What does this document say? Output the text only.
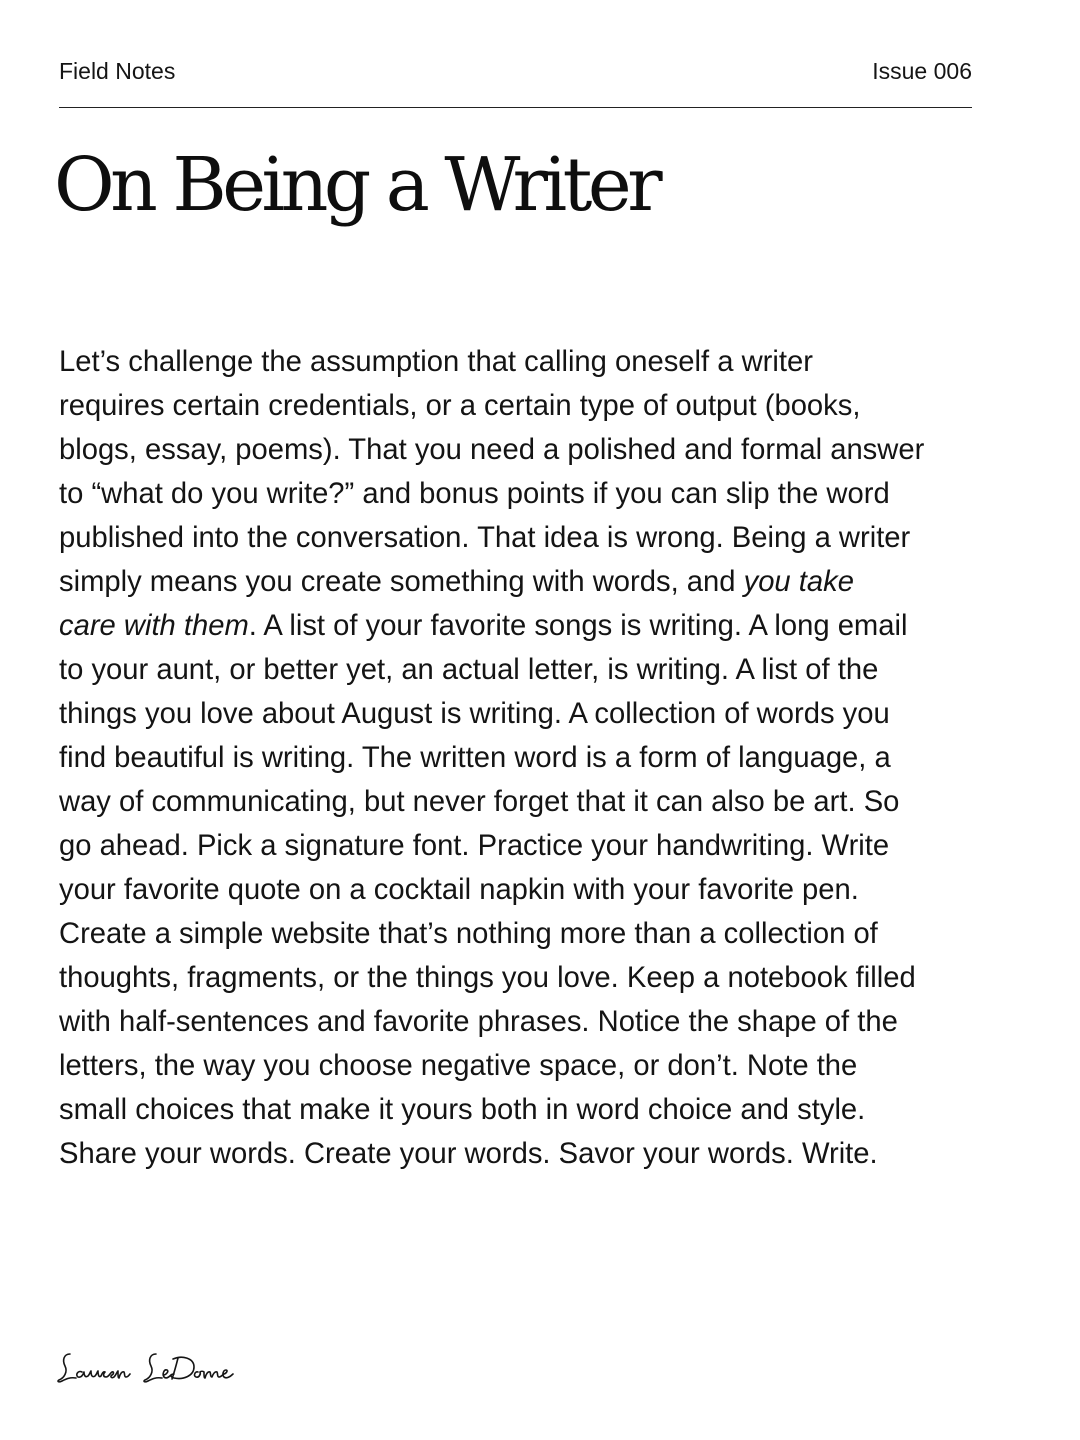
Field Notes	Issue 006
On Being a Writer
Let’s challenge the assumption that calling oneself a writer
requires certain credentials, or a certain type of output (books,
blogs, essay, poems). That you need a polished and formal answer
to “what do you write?” and bonus points if you can slip the word
published into the conversation. That idea is wrong. Being a writer
simply means you create something with words, and you take
care with them. A list of your favorite songs is writing. A long email
to your aunt, or better yet, an actual letter, is writing. A list of the
things you love about August is writing. A collection of words you
find beautiful is writing. The written word is a form of language, a
way of communicating, but never forget that it can also be art. So
go ahead. Pick a signature font. Practice your handwriting. Write
your favorite quote on a cocktail napkin with your favorite pen.
Create a simple website that’s nothing more than a collection of
thoughts, fragments, or the things you love. Keep a notebook filled
with half-sentences and favorite phrases. Notice the shape of the
letters, the way you choose negative space, or don’t. Note the
small choices that make it yours both in word choice and style.
Share your words. Create your words. Savor your words. Write.
